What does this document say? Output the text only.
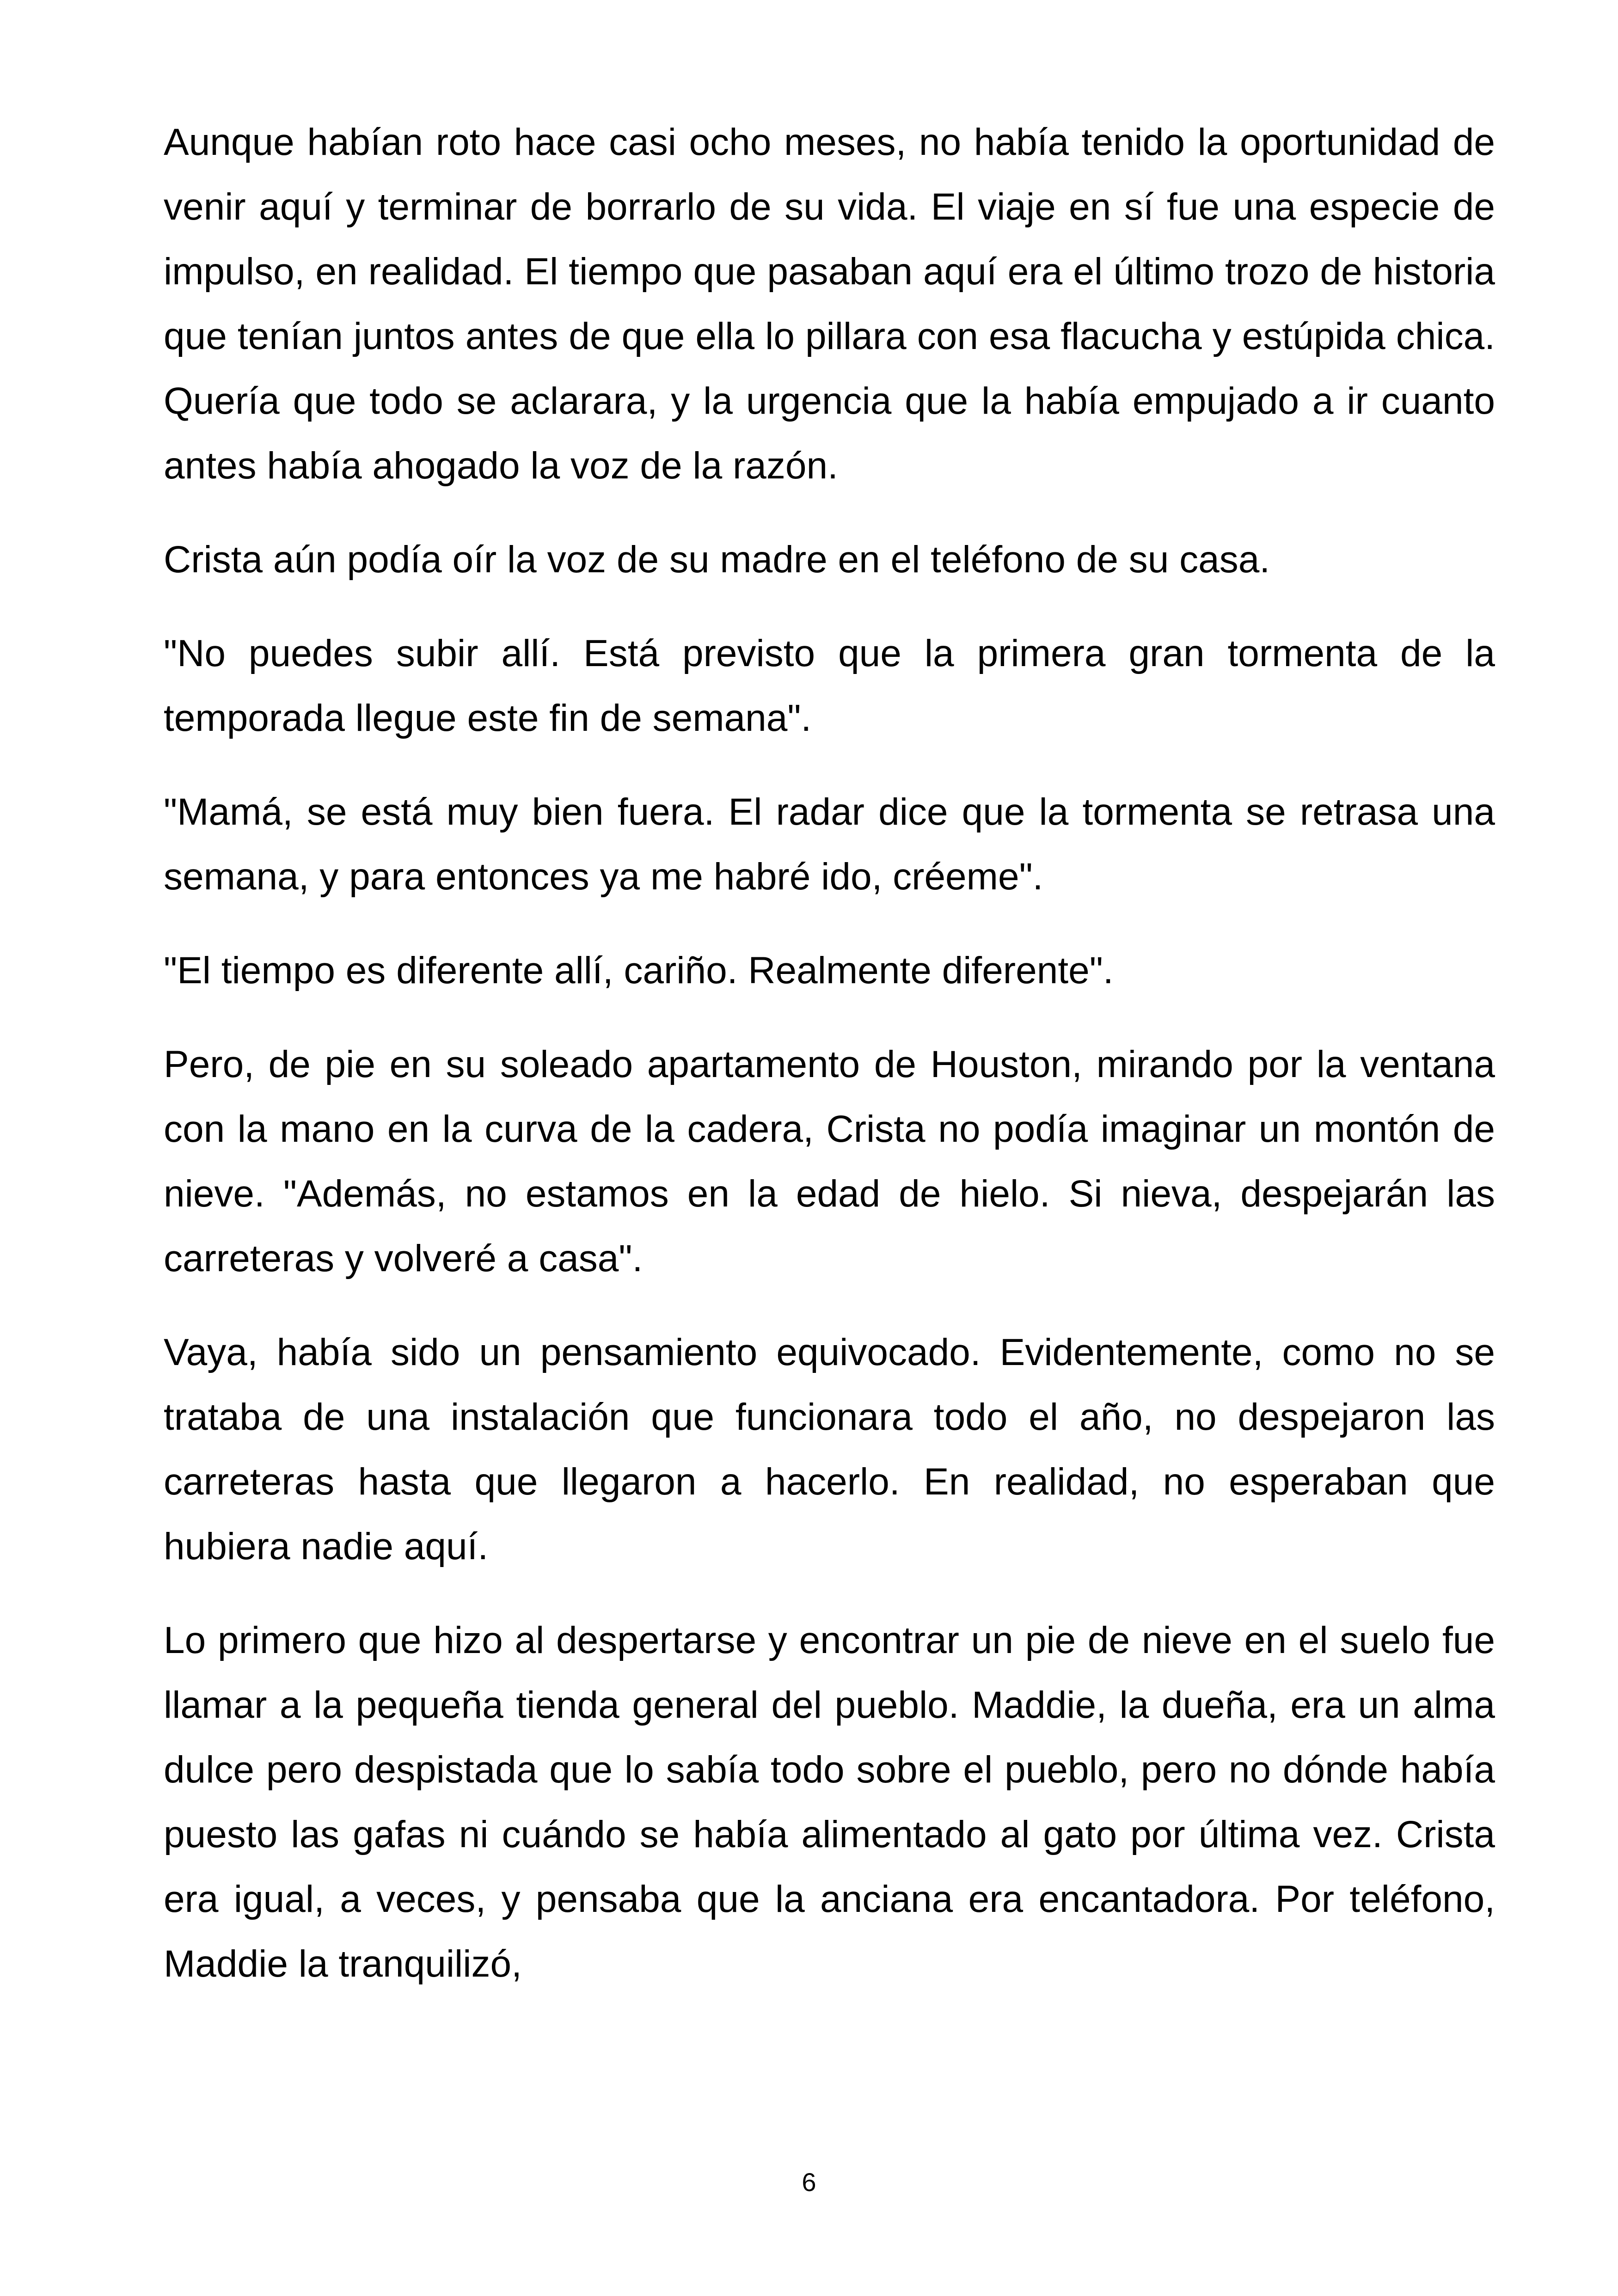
Aunque habían roto hace casi ocho meses, no había tenido la oportunidad de venir aquí y terminar de borrarlo de su vida. El viaje en sí fue una especie de impulso, en realidad. El tiempo que pasaban aquí era el último trozo de historia que tenían juntos antes de que ella lo pillara con esa flacucha y estúpida chica. Quería que todo se aclarara, y la urgencia que la había empujado a ir cuanto antes había ahogado la voz de la razón.

Crista aún podía oír la voz de su madre en el teléfono de su casa.

"No puedes subir allí. Está previsto que la primera gran tormenta de la temporada llegue este fin de semana".

"Mamá, se está muy bien fuera. El radar dice que la tormenta se retrasa una semana, y para entonces ya me habré ido, créeme".

"El tiempo es diferente allí, cariño. Realmente diferente".

Pero, de pie en su soleado apartamento de Houston, mirando por la ventana con la mano en la curva de la cadera, Crista no podía imaginar un montón de nieve. "Además, no estamos en la edad de hielo. Si nieva, despejarán las carreteras y volveré a casa".

Vaya, había sido un pensamiento equivocado. Evidentemente, como no se trataba de una instalación que funcionara todo el año, no despejaron las carreteras hasta que llegaron a hacerlo. En realidad, no esperaban que hubiera nadie aquí.

Lo primero que hizo al despertarse y encontrar un pie de nieve en el suelo fue llamar a la pequeña tienda general del pueblo. Maddie, la dueña, era un alma dulce pero despistada que lo sabía todo sobre el pueblo, pero no dónde había puesto las gafas ni cuándo se había alimentado al gato por última vez. Crista era igual, a veces, y pensaba que la anciana era encantadora. Por teléfono, Maddie la tranquilizó,

6
